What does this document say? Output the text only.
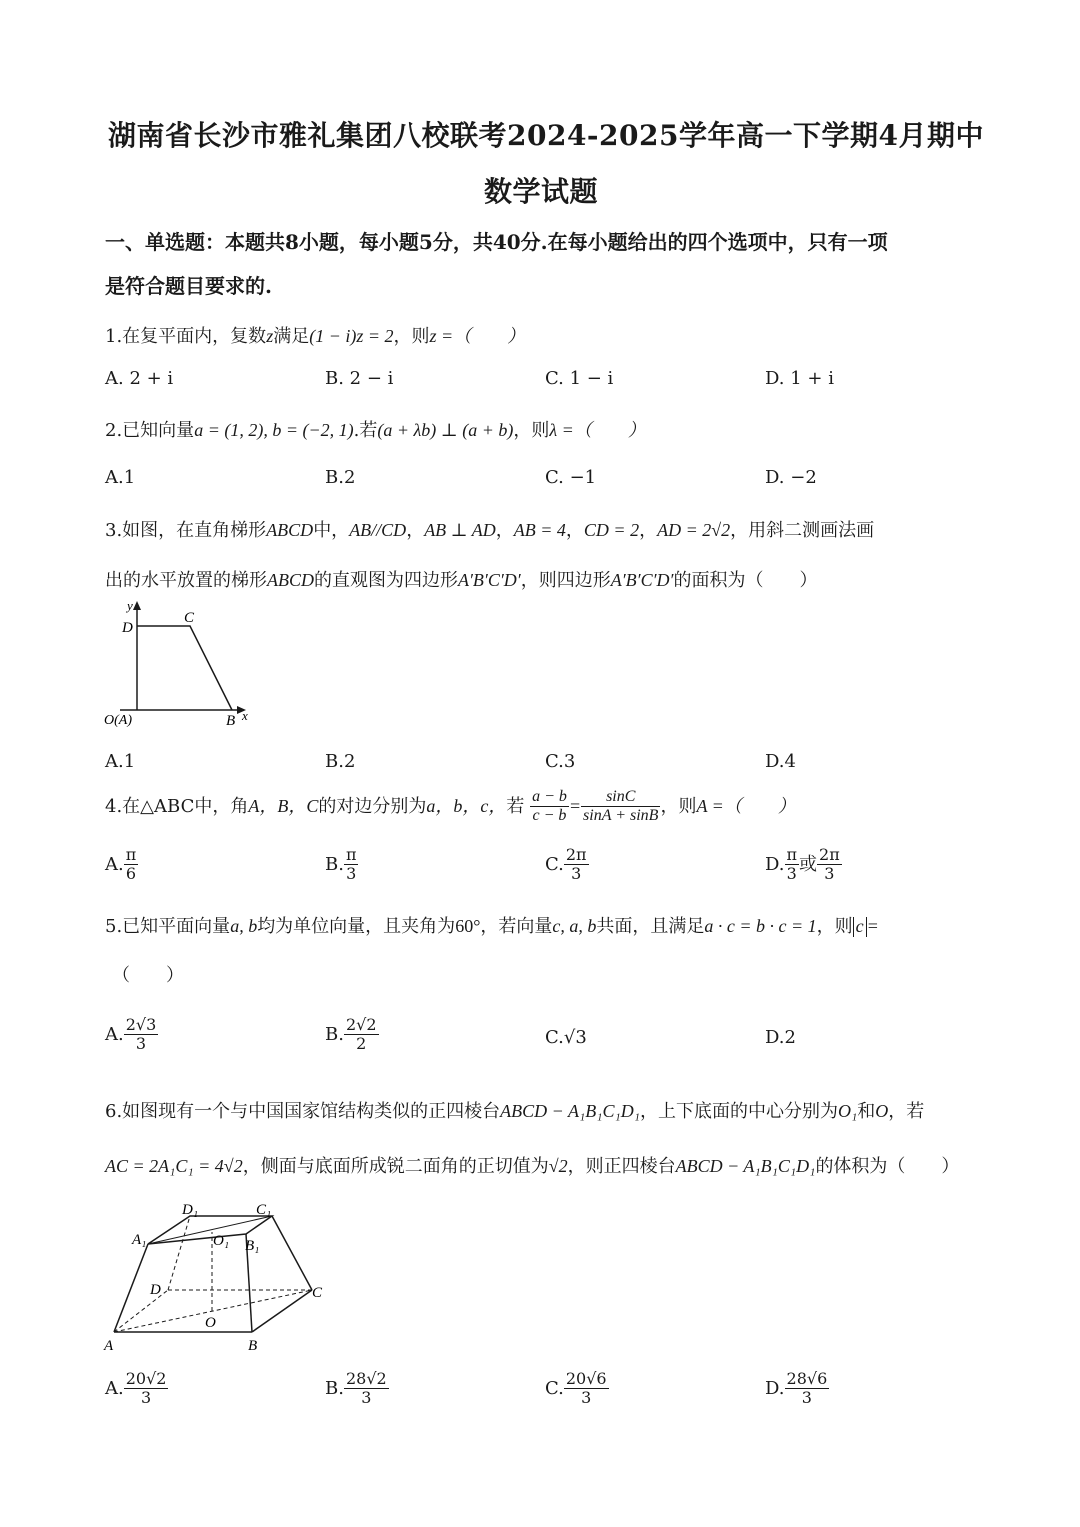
湖南省长沙市雅礼集团八校联考2024-2025学年高一下学期4月期中
数学试题
一、单选题：本题共8小题，每小题5分，共40分.在每小题给出的四个选项中，只有一项
是符合题目要求的.
1.在复平面内，复数z满足(1 − i)z = 2，则z =（　　）
A. 2 + i	B. 2 − i	C. 1 − i	D. 1 + i
2.已知向量a = (1, 2), b = (−2, 1).若(a + λb) ⊥ (a + b)，则λ =（　　）
A.1	B.2	C. −1	D. −2
3.如图，在直角梯形ABCD中，AB//CD，AB ⊥ AD，AB = 4，CD = 2，AD = 2√2，用斜二测画法画
出的水平放置的梯形ABCD的直观图为四边形A′B′C′D′，则四边形A′B′C′D′的面积为（　　）
y
D
C
O(A)	B x
A.1	B.2	C.3	D.4
4.在△ABC中，角A，B，C的对边分别为a，b，c，若 $\frac{a - b}{c - b} = \frac{\sin C}{\sin A + \sin B}$ ，则A =（　　）
A. $\frac{\pi}{6}$	B. $\frac{\pi}{3}$	C. $\frac{2\pi}{3}$	D. $\frac{\pi}{3}$ 或 $\frac{2\pi}{3}$
5.已知平面向量a, b均为单位向量，且夹角为60°，若向量c, a, b共面，且满足a · c = b · c = 1，则 c =
（　　）
A. $\frac{2√3}{3}$	B. $\frac{2√2}{2}$	C.√3	D.2
6.如图现有一个与中国国家馆结构类似的正四棱台ABCD − A₁B₁C₁D₁，上下底面的中心分别为O₁和O，若
AC = 2A₁C₁ = 4√2，侧面与底面所成锐二面角的正切值为√2，则正四棱台ABCD − A₁B₁C₁D₁的体积为（　　）
D₁	C₁
A₁	O₁ B₁
D	C
O
A	B
A. $\frac{20√2}{3}$	B. $\frac{28√2}{3}$	C. $\frac{20√6}{3}$	D. $\frac{28√6}{3}$
